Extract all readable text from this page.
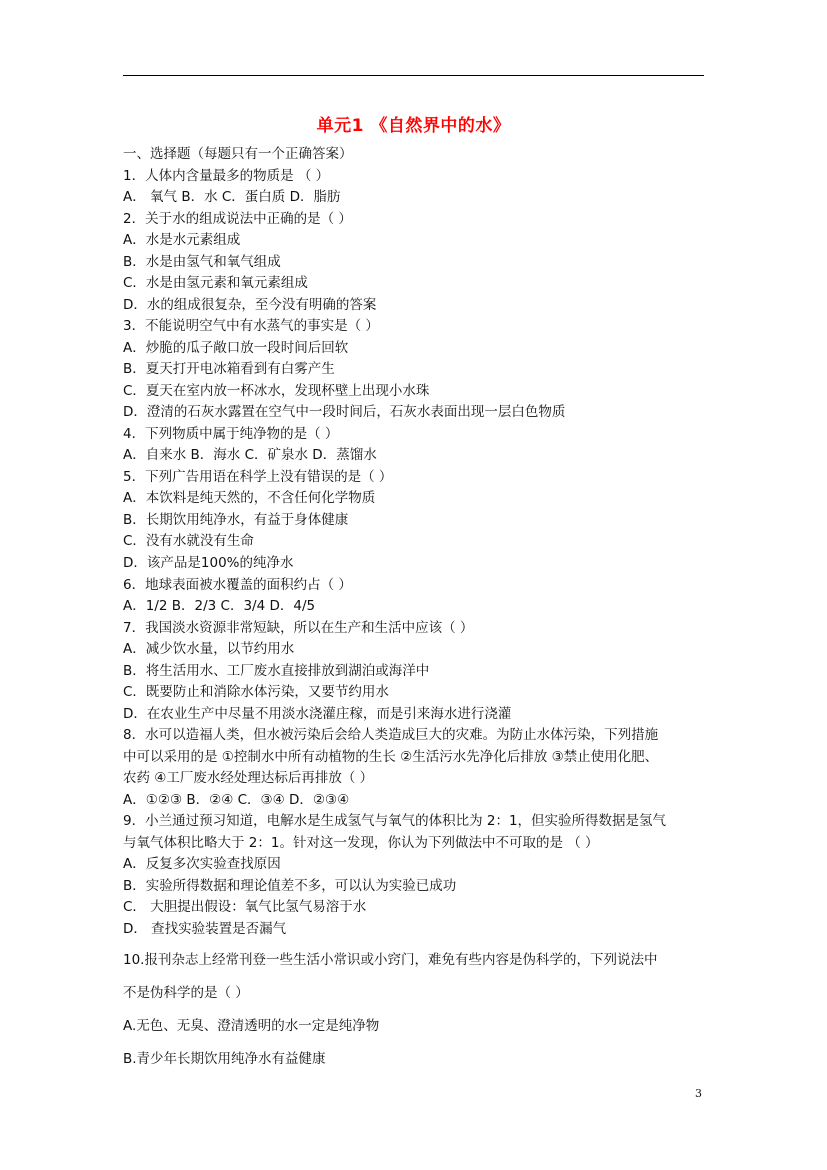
单元1 《自然界中的水》
一、选择题（每题只有一个正确答案）
1．人体内含量最多的物质是 （ ）
A． 氧气 B．水 C．蛋白质 D．脂肪
2．关于水的组成说法中正确的是（ ）
A．水是水元素组成
B．水是由氢气和氧气组成
C．水是由氢元素和氧元素组成
D．水的组成很复杂，至今没有明确的答案
3．不能说明空气中有水蒸气的事实是（ ）
A．炒脆的瓜子敞口放一段时间后回软
B．夏天打开电冰箱看到有白雾产生
C．夏天在室内放一杯冰水，发现杯壁上出现小水珠
D．澄清的石灰水露置在空气中一段时间后，石灰水表面出现一层白色物质
4．下列物质中属于纯净物的是（ ）
A．自来水 B．海水 C．矿泉水 D．蒸馏水
5．下列广告用语在科学上没有错误的是（ ）
A．本饮料是纯天然的，不含任何化学物质
B．长期饮用纯净水，有益于身体健康
C．没有水就没有生命
D．该产品是100%的纯净水
6．地球表面被水覆盖的面积约占（ ）
A．1/2 B．2/3 C．3/4 D．4/5
7．我国淡水资源非常短缺，所以在生产和生活中应该（ ）
A．减少饮水量，以节约用水
B．将生活用水、工厂废水直接排放到湖泊或海洋中
C．既要防止和消除水体污染，又要节约用水
D．在农业生产中尽量不用淡水浇灌庄稼，而是引来海水进行浇灌
8．水可以造福人类，但水被污染后会给人类造成巨大的灾难。为防止水体污染，下列措施
中可以采用的是 ①控制水中所有动植物的生长 ②生活污水先净化后排放 ③禁止使用化肥、
农药 ④工厂废水经处理达标后再排放（ ）
A．①②③ B．②④ C．③④ D．②③④
9．小兰通过预习知道，电解水是生成氢气与氧气的体积比为 2：1，但实验所得数据是氢气
与氧气体积比略大于 2：1。针对这一发现，你认为下列做法中不可取的是 （ ）
A．反复多次实验查找原因
B．实验所得数据和理论值差不多，可以认为实验已成功
C． 大胆提出假设：氧气比氢气易溶于水
D． 查找实验装置是否漏气
10.报刊杂志上经常刊登一些生活小常识或小窍门，难免有些内容是伪科学的，下列说法中
不是伪科学的是（ ）
A.无色、无臭、澄清透明的水一定是纯净物
B.青少年长期饮用纯净水有益健康
3
